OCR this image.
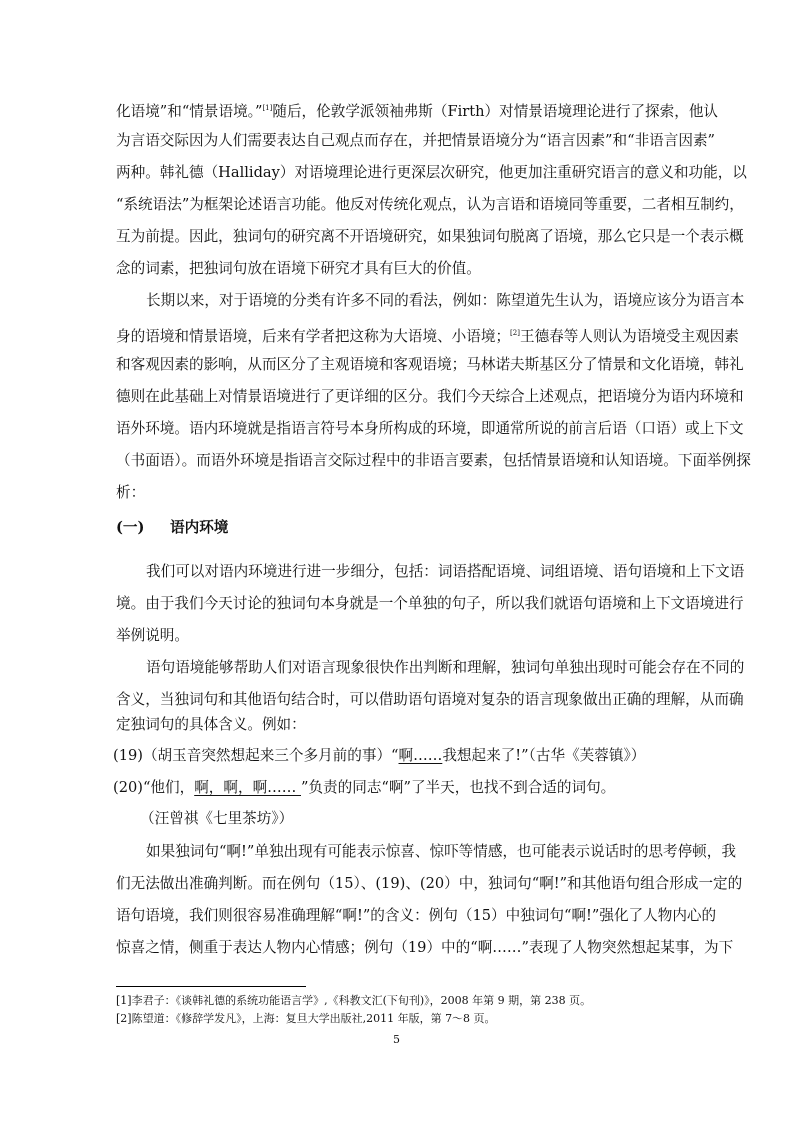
化语境”和“情景语境。”[1]随后，伦敦学派领袖弗斯（Firth）对情景语境理论进行了探索，他认
为言语交际因为人们需要表达自己观点而存在，并把情景语境分为“语言因素”和“非语言因素”
两种。韩礼德（Halliday）对语境理论进行更深层次研究，他更加注重研究语言的意义和功能，以
“系统语法”为框架论述语言功能。他反对传统化观点，认为言语和语境同等重要，二者相互制约，
互为前提。因此，独词句的研究离不开语境研究，如果独词句脱离了语境，那么它只是一个表示概
念的词素，把独词句放在语境下研究才具有巨大的价值。
长期以来，对于语境的分类有许多不同的看法，例如：陈望道先生认为，语境应该分为语言本
身的语境和情景语境，后来有学者把这称为大语境、小语境；[2]王德春等人则认为语境受主观因素
和客观因素的影响，从而区分了主观语境和客观语境；马林诺夫斯基区分了情景和文化语境，韩礼
德则在此基础上对情景语境进行了更详细的区分。我们今天综合上述观点，把语境分为语内环境和
语外环境。语内环境就是指语言符号本身所构成的环境，即通常所说的前言后语（口语）或上下文
（书面语）。而语外环境是指语言交际过程中的非语言要素，包括情景语境和认知语境。下面举例探
析：
(一) 语内环境
我们可以对语内环境进行进一步细分，包括：词语搭配语境、词组语境、语句语境和上下文语
境。由于我们今天讨论的独词句本身就是一个单独的句子，所以我们就语句语境和上下文语境进行
举例说明。
语句语境能够帮助人们对语言现象很快作出判断和理解，独词句单独出现时可能会存在不同的
含义，当独词句和其他语句结合时，可以借助语句语境对复杂的语言现象做出正确的理解，从而确
定独词句的具体含义。例如：
(19)（胡玉音突然想起来三个多月前的事）“啊……我想起来了!”（古华《芙蓉镇》）
(20)“他们，啊，啊，啊…… ”负责的同志“啊”了半天，也找不到合适的词句。
（汪曾祺《七里茶坊》）
如果独词句“啊!”单独出现有可能表示惊喜、惊吓等情感，也可能表示说话时的思考停顿，我
们无法做出准确判断。而在例句（15）、(19)、(20）中，独词句“啊!”和其他语句组合形成一定的
语句语境，我们则很容易准确理解“啊!”的含义：例句（15）中独词句“啊!”强化了人物内心的
惊喜之情，侧重于表达人物内心情感；例句（19）中的“啊……”表现了人物突然想起某事，为下
[1]李君子：《谈韩礼德的系统功能语言学》,《科教文汇(下旬刊)》，2008 年第 9 期，第 238 页。
[2]陈望道：《修辞学发凡》，上海：复旦大学出版社,2011 年版，第 7～8 页。
5
